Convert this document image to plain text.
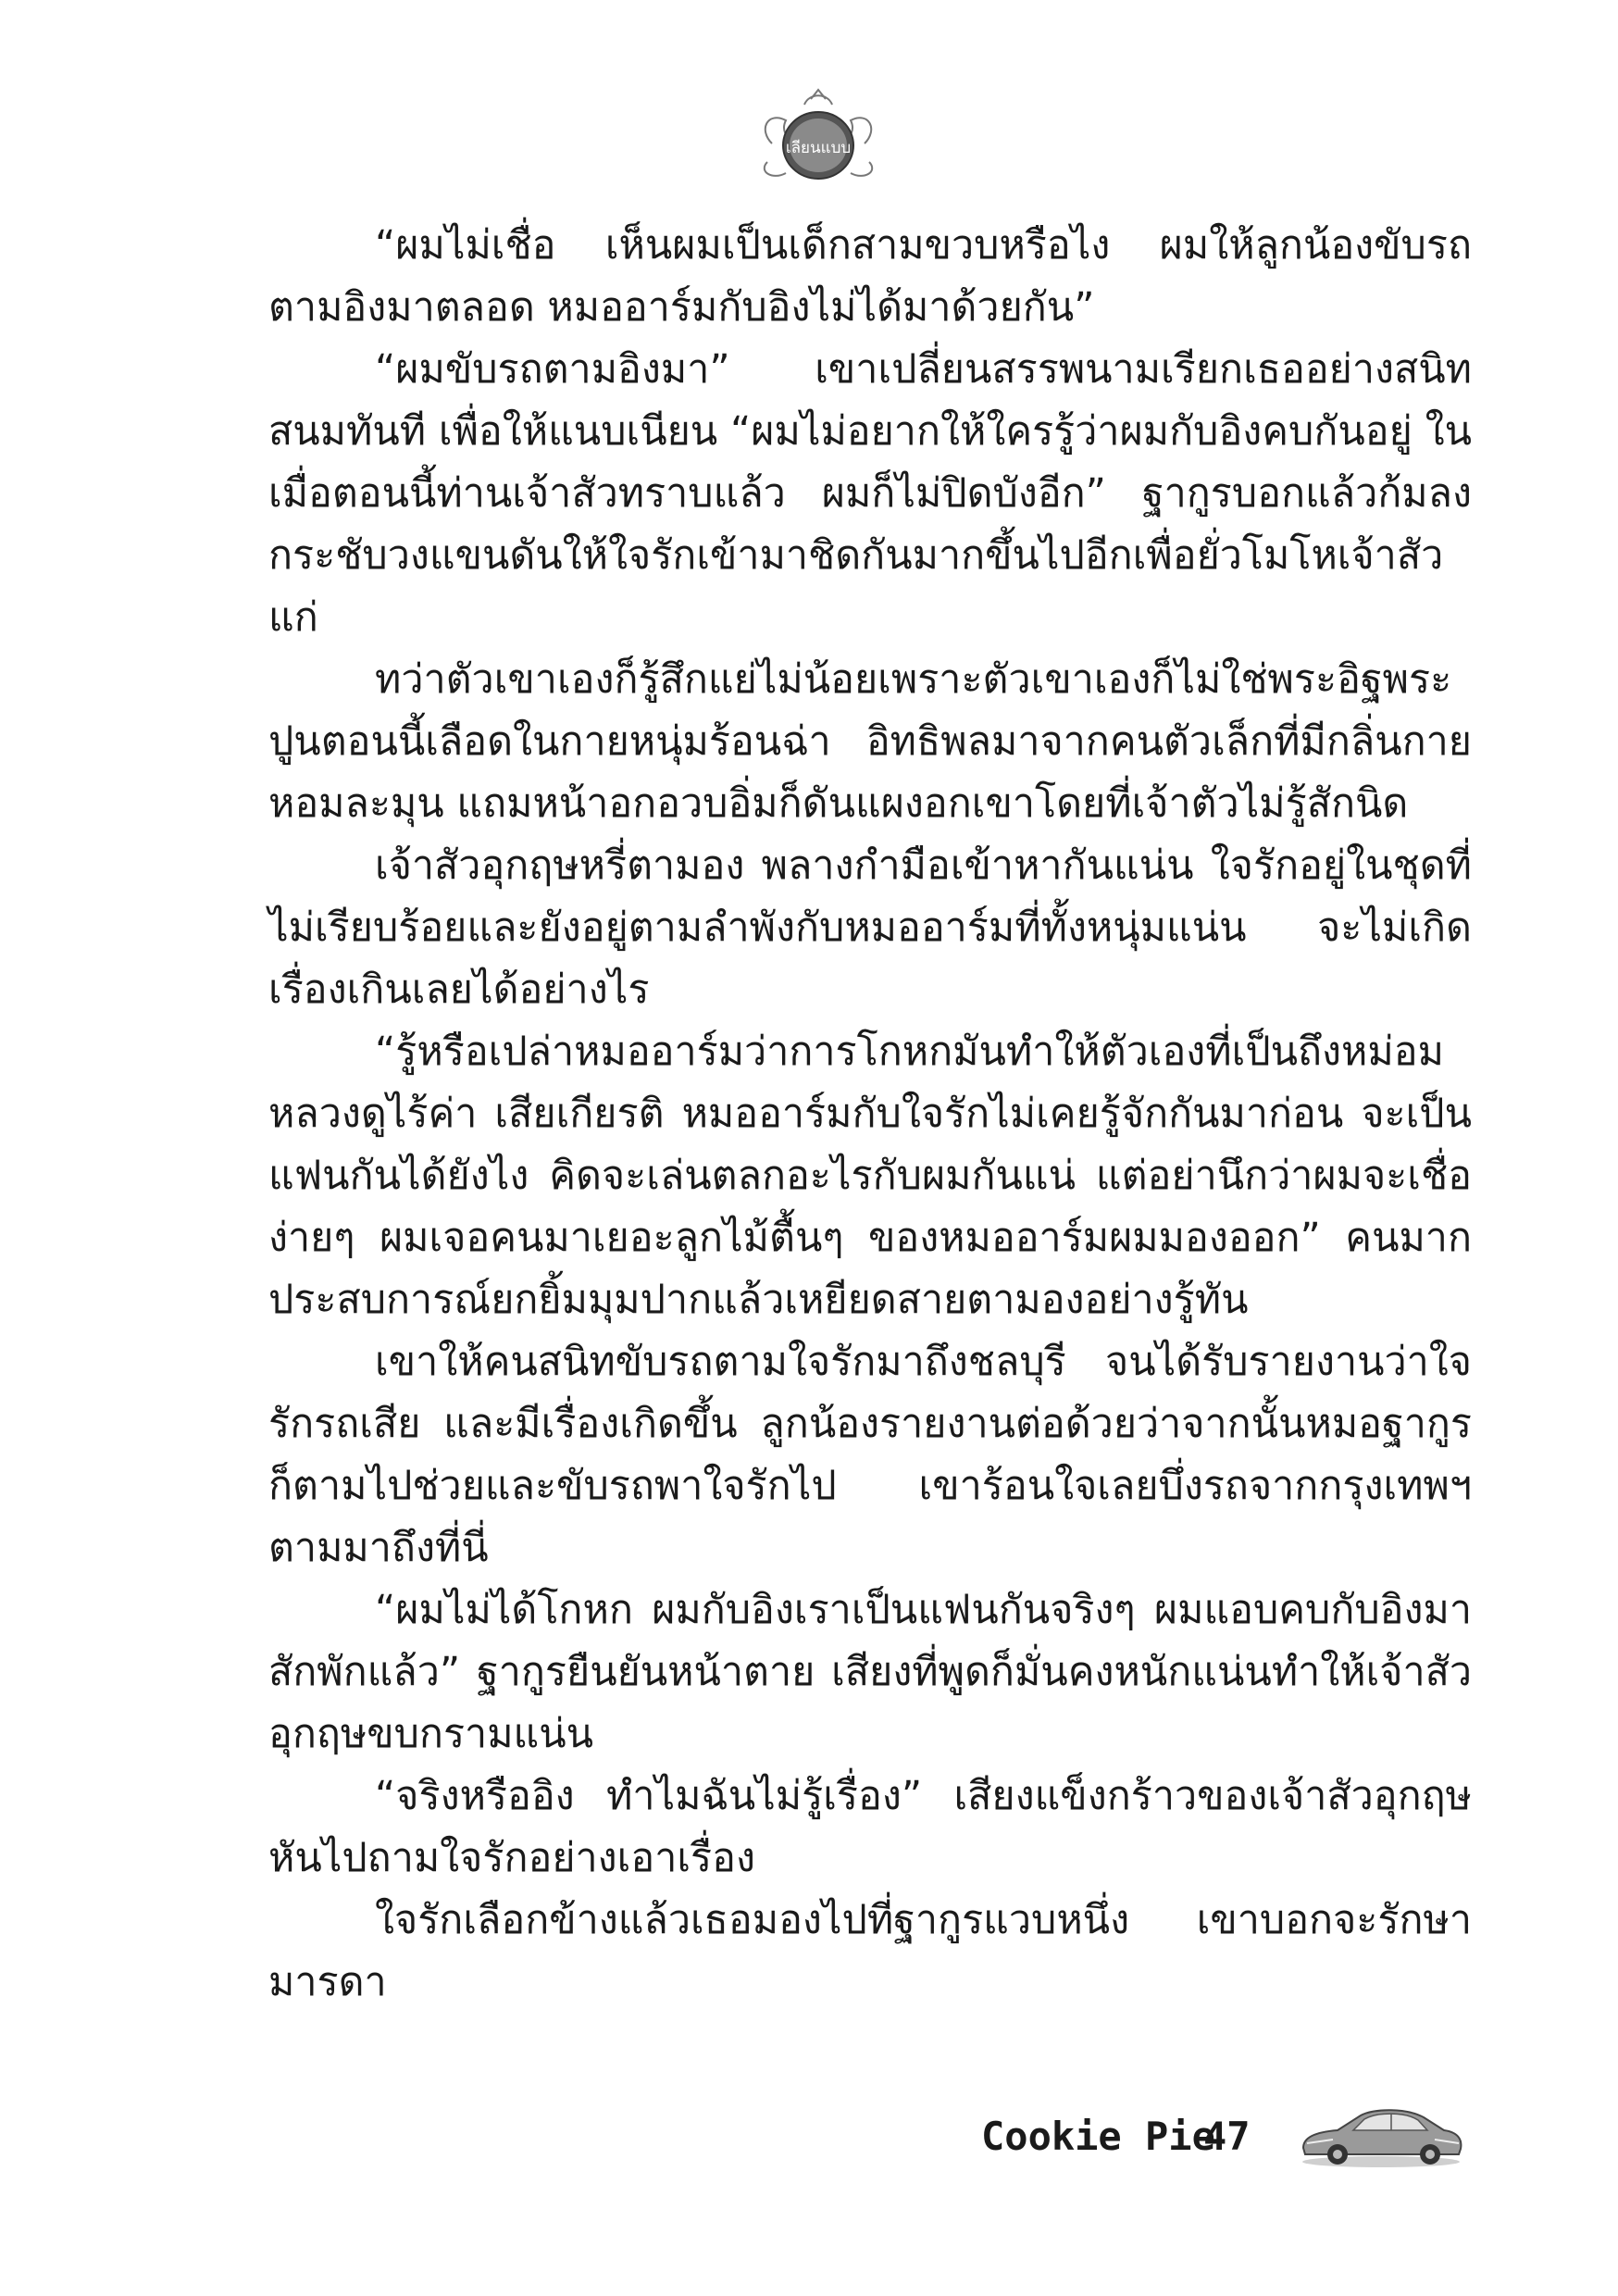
เลียนแบบ

“ผมไม่เชื่อ เห็นผมเป็นเด็กสามขวบหรือไง ผมให้ลูกน้องขับรถตามอิงมาตลอด หมออาร์มกับอิงไม่ได้มาด้วยกัน”

“ผมขับรถตามอิงมา” เขาเปลี่ยนสรรพนามเรียกเธออย่างสนิทสนมทันที เพื่อให้แนบเนียน “ผมไม่อยากให้ใครรู้ว่าผมกับอิงคบกันอยู่ ในเมื่อตอนนี้ท่านเจ้าสัวทราบแล้ว ผมก็ไม่ปิดบังอีก” ฐากูรบอกแล้วก้มลงกระชับวงแขนดันให้ใจรักเข้ามาชิดกันมากขึ้นไปอีกเพื่อยั่วโมโหเจ้าสัวแก่

ทว่าตัวเขาเองก็รู้สึกแย่ไม่น้อยเพราะตัวเขาเองก็ไม่ใช่พระอิฐพระปูนตอนนี้เลือดในกายหนุ่มร้อนฉ่า อิทธิพลมาจากคนตัวเล็กที่มีกลิ่นกายหอมละมุน แถมหน้าอกอวบอิ่มก็ดันแผงอกเขาโดยที่เจ้าตัวไม่รู้สักนิด

เจ้าสัวอุกฤษหรี่ตามอง พลางกำมือเข้าหากันแน่น ใจรักอยู่ในชุดที่ไม่เรียบร้อยและยังอยู่ตามลำพังกับหมออาร์มที่ทั้งหนุ่มแน่น จะไม่เกิดเรื่องเกินเลยได้อย่างไร

“รู้หรือเปล่าหมออาร์มว่าการโกหกมันทำให้ตัวเองที่เป็นถึงหม่อมหลวงดูไร้ค่า เสียเกียรติ หมออาร์มกับใจรักไม่เคยรู้จักกันมาก่อน จะเป็นแฟนกันได้ยังไง คิดจะเล่นตลกอะไรกับผมกันแน่ แต่อย่านึกว่าผมจะเชื่อง่ายๆ ผมเจอคนมาเยอะลูกไม้ตื้นๆ ของหมออาร์มผมมองออก” คนมากประสบการณ์ยกยิ้มมุมปากแล้วเหยียดสายตามองอย่างรู้ทัน

เขาให้คนสนิทขับรถตามใจรักมาถึงชลบุรี จนได้รับรายงานว่าใจรักรถเสีย และมีเรื่องเกิดขึ้น ลูกน้องรายงานต่อด้วยว่าจากนั้นหมอฐากูรก็ตามไปช่วยและขับรถพาใจรักไป เขาร้อนใจเลยบึ่งรถจากกรุงเทพฯ ตามมาถึงที่นี่

“ผมไม่ได้โกหก ผมกับอิงเราเป็นแฟนกันจริงๆ ผมแอบคบกับอิงมาสักพักแล้ว” ฐากูรยืนยันหน้าตาย เสียงที่พูดก็มั่นคงหนักแน่นทำให้เจ้าสัวอุกฤษขบกรามแน่น

“จริงหรืออิง ทำไมฉันไม่รู้เรื่อง” เสียงแข็งกร้าวของเจ้าสัวอุกฤษหันไปถามใจรักอย่างเอาเรื่อง

ใจรักเลือกข้างแล้วเธอมองไปที่ฐากูรแวบหนึ่ง เขาบอกจะรักษามารดา

Cookie Pie
47
